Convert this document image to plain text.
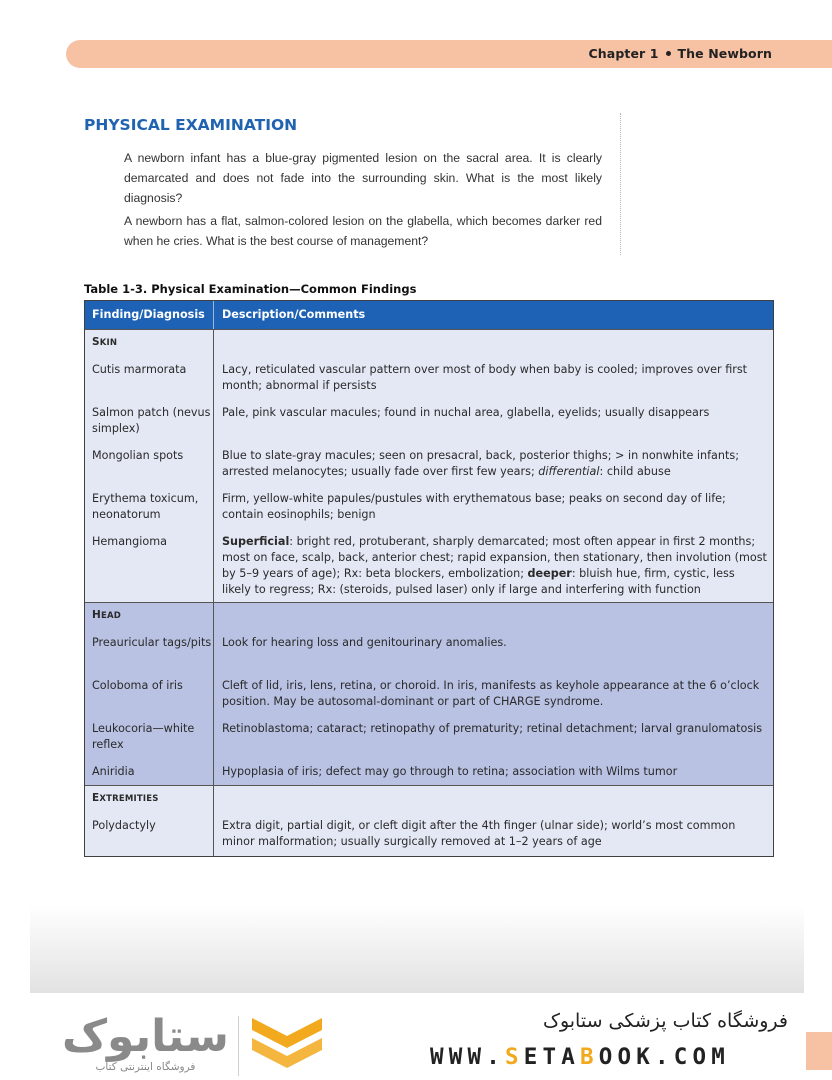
Chapter 1 The Newborn
PHYSICAL EXAMINATION
A newborn infant has a blue-gray pigmented lesion on the sacral area. It is clearly demarcated and does not fade into the surrounding skin. What is the most likely diagnosis?
A newborn has a flat, salmon-colored lesion on the glabella, which becomes darker red when he cries. What is the best course of management?
Table 1-3. Physical Examination—Common Findings
Finding/Diagnosis	Description/Comments
SKIN
Cutis marmorata
Salmon patch (nevus simplex)
Mongolian spots
Erythema toxicum, neonatorum
Hemangioma
Lacy, reticulated vascular pattern over most of body when baby is cooled; improves over first month; abnormal if persists
Pale, pink vascular macules; found in nuchal area, glabella, eyelids; usually disappears
Blue to slate-gray macules; seen on presacral, back, posterior thighs; > in nonwhite infants; arrested melanocytes; usually fade over first few years; differential: child abuse
Firm, yellow-white papules/pustules with erythematous base; peaks on second day of life; contain eosinophils; benign
Superficial: bright red, protuberant, sharply demarcated; most often appear in first 2 months; most on face, scalp, back, anterior chest; rapid expansion, then stationary, then involution (most by 5–9 years of age); Rx: beta blockers, embolization; deeper: bluish hue, firm, cystic, less likely to regress; Rx: (steroids, pulsed laser) only if large and interfering with function
HEAD
Preauricular tags/pits
Coloboma of iris
Leukocoria—white reflex
Aniridia
Look for hearing loss and genitourinary anomalies.
Cleft of lid, iris, lens, retina, or choroid. In iris, manifests as keyhole appearance at the 6 o’clock position. May be autosomal-dominant or part of CHARGE syndrome.
Retinoblastoma; cataract; retinopathy of prematurity; retinal detachment; larval granulomatosis
Hypoplasia of iris; defect may go through to retina; association with Wilms tumor
EXTREMITIES
Polydactyly	Extra digit, partial digit, or cleft digit after the 4th finger (ulnar side); world’s most common minor malformation; usually surgically removed at 1–2 years of age
ستابوک
فروشگاه اینترنتی کتاب
فروشگاه کتاب پزشکی ستابوک
WWW.SETABOOK.COM
